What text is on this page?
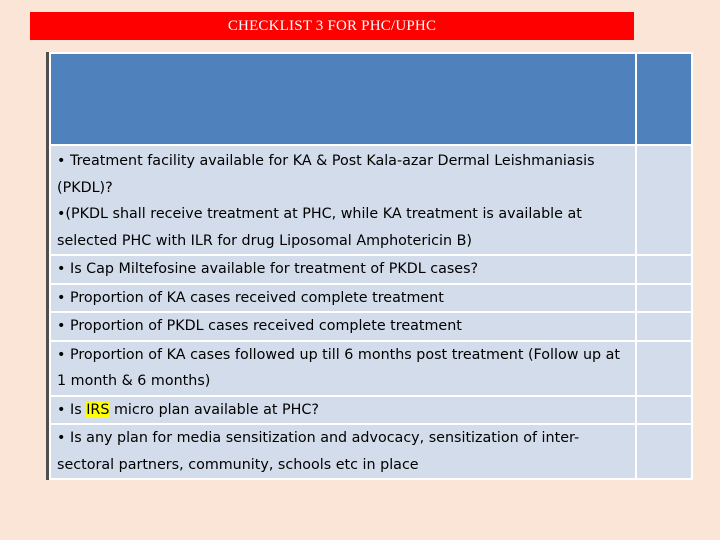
CHECKLIST 3 FOR PHC/UPHC

• Treatment facility available for KA & Post Kala-azar Dermal Leishmaniasis (PKDL)?
•(PKDL shall receive treatment at PHC, while KA treatment is available at selected PHC with ILR for drug Liposomal Amphotericin B)	

• Is Cap Miltefosine available for treatment of PKDL cases?	

• Proportion of KA cases received complete treatment	

• Proportion of PKDL cases received complete treatment	

• Proportion of KA cases followed up till 6 months post treatment (Follow up at 1 month & 6 months)	

• Is IRS micro plan available at PHC?	

• Is any plan for media sensitization and advocacy, sensitization of inter-sectoral partners, community, schools etc in place	
